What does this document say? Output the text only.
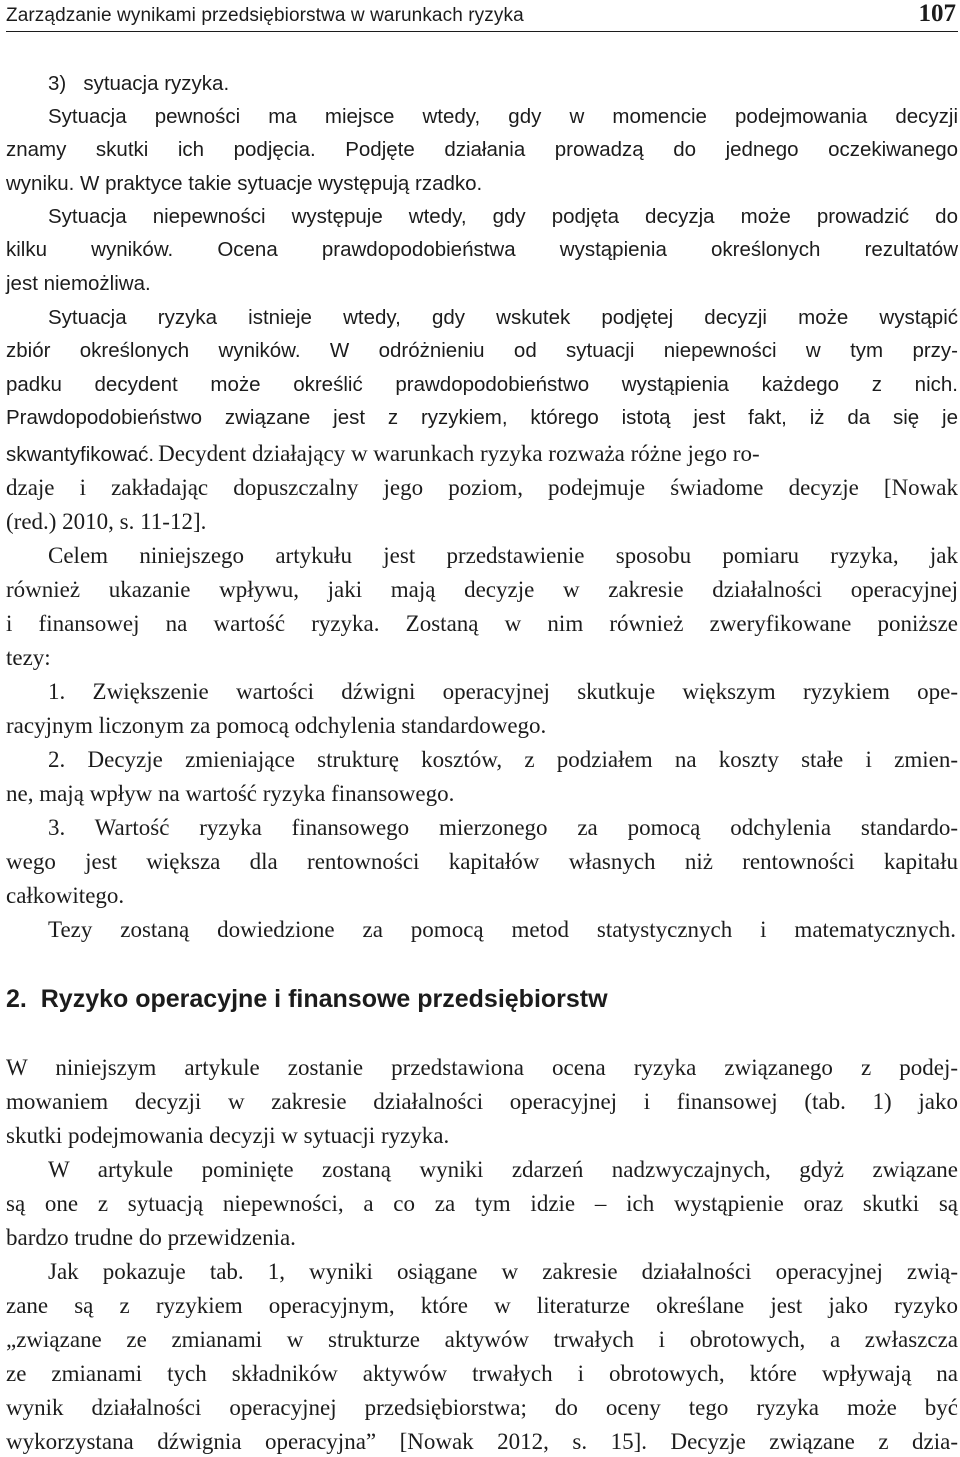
Zarządzanie wynikami przedsiębiorstwa w warunkach ryzyka	107
3)   sytuacja ryzyka.
Sytuacja pewności ma miejsce wtedy, gdy w momencie podejmowania decyzji
znamy skutki ich podjęcia. Podjęte działania prowadzą do jednego oczekiwanego
wyniku. W praktyce takie sytuacje występują rzadko.
Sytuacja niepewności występuje wtedy, gdy podjęta decyzja może prowadzić do
kilku wyników. Ocena prawdopodobieństwa wystąpienia określonych rezultatów
jest niemożliwa.
Sytuacja ryzyka istnieje wtedy, gdy wskutek podjętej decyzji może wystąpić
zbiór określonych wyników. W odróżnieniu od sytuacji niepewności w tym przy-
padku decydent może określić prawdopodobieństwo wystąpienia każdego z nich.
Prawdopodobieństwo związane jest z ryzykiem, którego istotą jest fakt, iż da się je
skwantyfikować. Decydent działający w warunkach ryzyka rozważa różne jego ro-
dzaje i zakładając dopuszczalny jego poziom, podejmuje świadome decyzje [Nowak
(red.) 2010, s. 11-12].
Celem niniejszego artykułu jest przedstawienie sposobu pomiaru ryzyka, jak
również ukazanie wpływu, jaki mają decyzje w zakresie działalności operacyjnej
i finansowej na wartość ryzyka. Zostaną w nim również zweryfikowane poniższe
tezy:
1. Zwiększenie wartości dźwigni operacyjnej skutkuje większym ryzykiem ope-
racyjnym liczonym za pomocą odchylenia standardowego.
2. Decyzje zmieniające strukturę kosztów, z podziałem na koszty stałe i zmien-
ne, mają wpływ na wartość ryzyka finansowego.
3. Wartość ryzyka finansowego mierzonego za pomocą odchylenia standardo-
wego jest większa dla rentowności kapitałów własnych niż rentowności kapitału
całkowitego.
Tezy zostaną dowiedzione za pomocą metod statystycznych i matematycznych.
2.  Ryzyko operacyjne i finansowe przedsiębiorstw
W niniejszym artykule zostanie przedstawiona ocena ryzyka związanego z podej-
mowaniem decyzji w zakresie działalności operacyjnej i finansowej (tab. 1) jako
skutki podejmowania decyzji w sytuacji ryzyka.
W artykule pominięte zostaną wyniki zdarzeń nadzwyczajnych, gdyż związane
są one z sytuacją niepewności, a co za tym idzie – ich wystąpienie oraz skutki są
bardzo trudne do przewidzenia.
Jak pokazuje tab. 1, wyniki osiągane w zakresie działalności operacyjnej zwią-
zane są z ryzykiem operacyjnym, które w literaturze określane jest jako ryzyko
„związane ze zmianami w strukturze aktywów trwałych i obrotowych, a zwłaszcza
ze zmianami tych składników aktywów trwałych i obrotowych, które wpływają na
wynik działalności operacyjnej przedsiębiorstwa; do oceny tego ryzyka może być
wykorzystana dźwignia operacyjna” [Nowak 2012, s. 15]. Decyzje związane z dzia-
